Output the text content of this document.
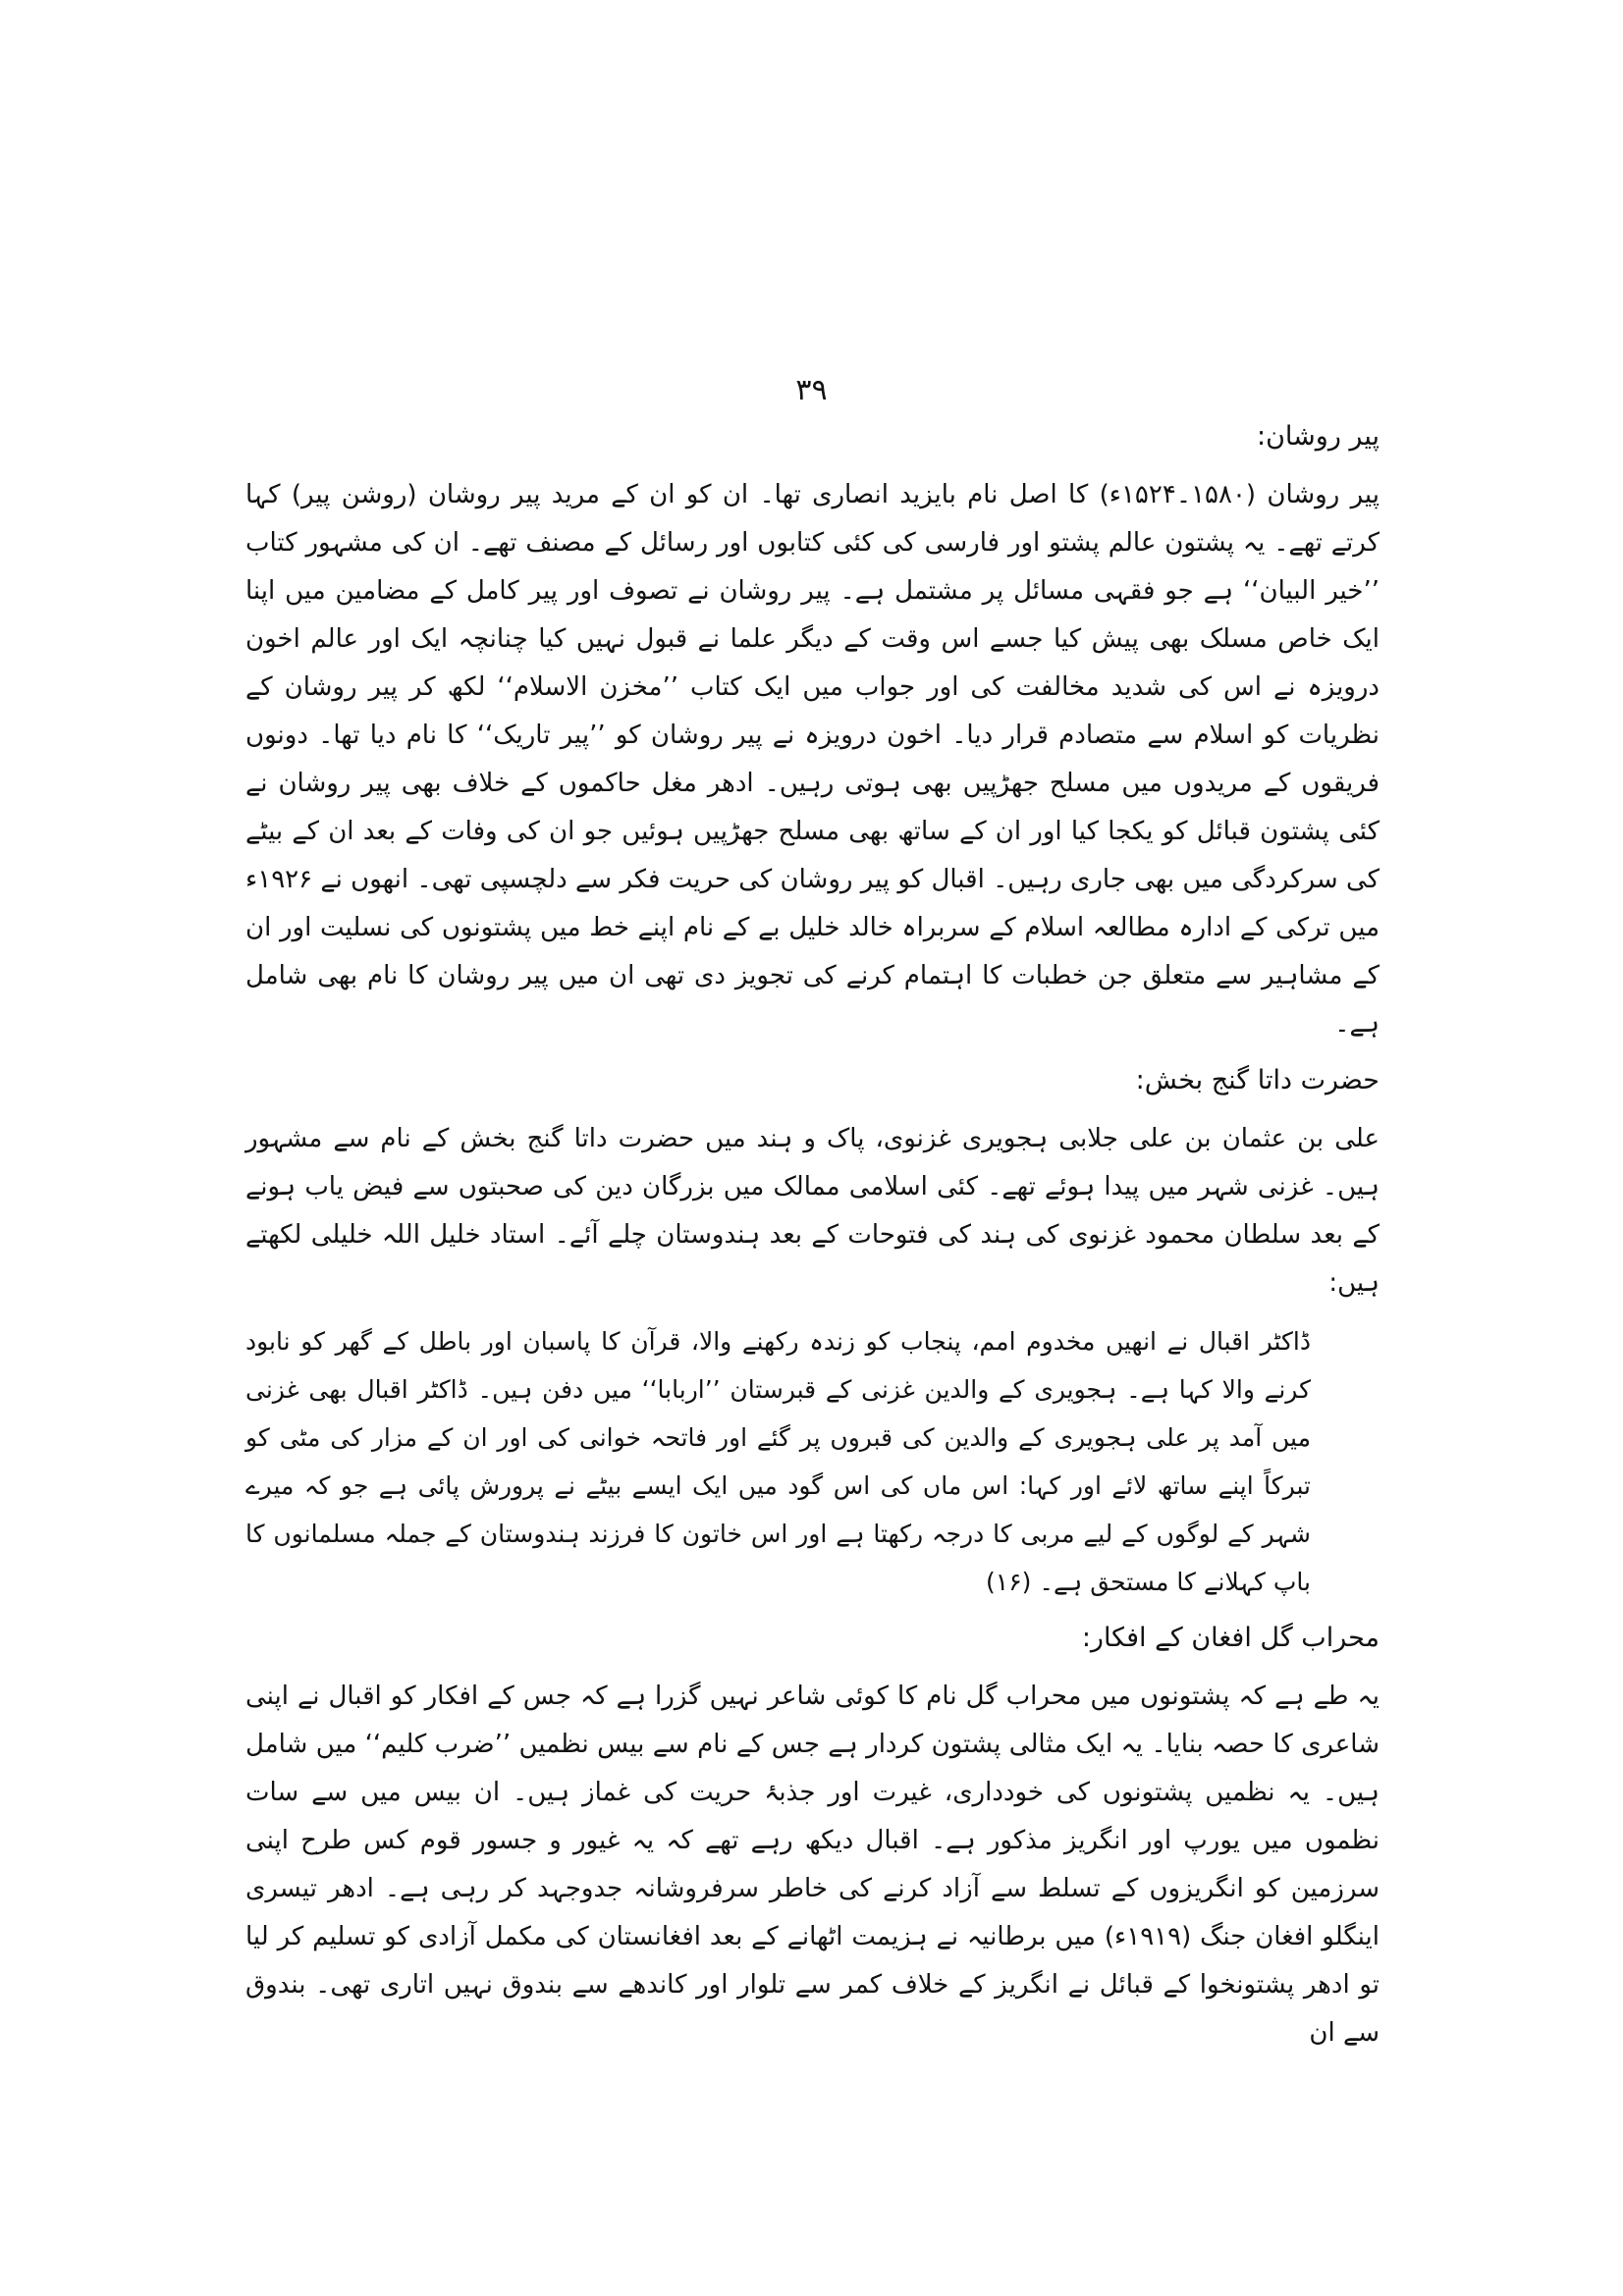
۳۹
پیر روشان:

پیر روشان (۱۵۸۰۔۱۵۲۴ء) کا اصل نام بایزید انصاری تھا۔ ان کو ان کے مرید پیر روشان (روشن پیر) کہا کرتے تھے۔ یہ پشتون عالم پشتو اور فارسی کی کئی کتابوں اور رسائل کے مصنف تھے۔ ان کی مشہور کتاب ’’خیر البیان‘‘ ہے جو فقہی مسائل پر مشتمل ہے۔ پیر روشان نے تصوف اور پیر کامل کے مضامین میں اپنا ایک خاص مسلک بھی پیش کیا جسے اس وقت کے دیگر علما نے قبول نہیں کیا چنانچہ ایک اور عالم اخون درویزہ نے اس کی شدید مخالفت کی اور جواب میں ایک کتاب ’’مخزن الاسلام‘‘ لکھ کر پیر روشان کے نظریات کو اسلام سے متصادم قرار دیا۔ اخون درویزہ نے پیر روشان کو ’’پیر تاریک‘‘ کا نام دیا تھا۔ دونوں فریقوں کے مریدوں میں مسلح جھڑپیں بھی ہوتی رہیں۔ ادھر مغل حاکموں کے خلاف بھی پیر روشان نے کئی پشتون قبائل کو یکجا کیا اور ان کے ساتھ بھی مسلح جھڑپیں ہوئیں جو ان کی وفات کے بعد ان کے بیٹے کی سرکردگی میں بھی جاری رہیں۔ اقبال کو پیر روشان کی حریت فکر سے دلچسپی تھی۔ انھوں نے ۱۹۲۶ء میں ترکی کے ادارہ مطالعہ اسلام کے سربراہ خالد خلیل بے کے نام اپنے خط میں پشتونوں کی نسلیت اور ان کے مشاہیر سے متعلق جن خطبات کا اہتمام کرنے کی تجویز دی تھی ان میں پیر روشان کا نام بھی شامل ہے۔

حضرت داتا گنج بخش:

علی بن عثمان بن علی جلابی ہجویری غزنوی، پاک و ہند میں حضرت داتا گنج بخش کے نام سے مشہور ہیں۔ غزنی شہر میں پیدا ہوئے تھے۔ کئی اسلامی ممالک میں بزرگان دین کی صحبتوں سے فیض یاب ہونے کے بعد سلطان محمود غزنوی کی ہند کی فتوحات کے بعد ہندوستان چلے آئے۔ استاد خلیل اللہ خلیلی لکھتے ہیں:

ڈاکٹر اقبال نے انھیں مخدوم امم، پنجاب کو زندہ رکھنے والا، قرآن کا پاسبان اور باطل کے گھر کو نابود کرنے والا کہا ہے۔ ہجویری کے والدین غزنی کے قبرستان ’’اربابا‘‘ میں دفن ہیں۔ ڈاکٹر اقبال بھی غزنی میں آمد پر علی ہجویری کے والدین کی قبروں پر گئے اور فاتحہ خوانی کی اور ان کے مزار کی مٹی کو تبرکاً اپنے ساتھ لائے اور کہا: اس ماں کی اس گود میں ایک ایسے بیٹے نے پرورش پائی ہے جو کہ میرے شہر کے لوگوں کے لیے مربی کا درجہ رکھتا ہے اور اس خاتون کا فرزند ہندوستان کے جملہ مسلمانوں کا باپ کہلانے کا مستحق ہے۔ (۱۶)

محراب گل افغان کے افکار:

یہ طے ہے کہ پشتونوں میں محراب گل نام کا کوئی شاعر نہیں گزرا ہے کہ جس کے افکار کو اقبال نے اپنی شاعری کا حصہ بنایا۔ یہ ایک مثالی پشتون کردار ہے جس کے نام سے بیس نظمیں ’’ضرب کلیم‘‘ میں شامل ہیں۔ یہ نظمیں پشتونوں کی خودداری، غیرت اور جذبۂ حریت کی غماز ہیں۔ ان بیس میں سے سات نظموں میں یورپ اور انگریز مذکور ہے۔ اقبال دیکھ رہے تھے کہ یہ غیور و جسور قوم کس طرح اپنی سرزمین کو انگریزوں کے تسلط سے آزاد کرنے کی خاطر سرفروشانہ جدوجہد کر رہی ہے۔ ادھر تیسری اینگلو افغان جنگ (۱۹۱۹ء) میں برطانیہ نے ہزیمت اٹھانے کے بعد افغانستان کی مکمل آزادی کو تسلیم کر لیا تو ادھر پشتونخوا کے قبائل نے انگریز کے خلاف کمر سے تلوار اور کاندھے سے بندوق نہیں اتاری تھی۔ بندوق سے ان
